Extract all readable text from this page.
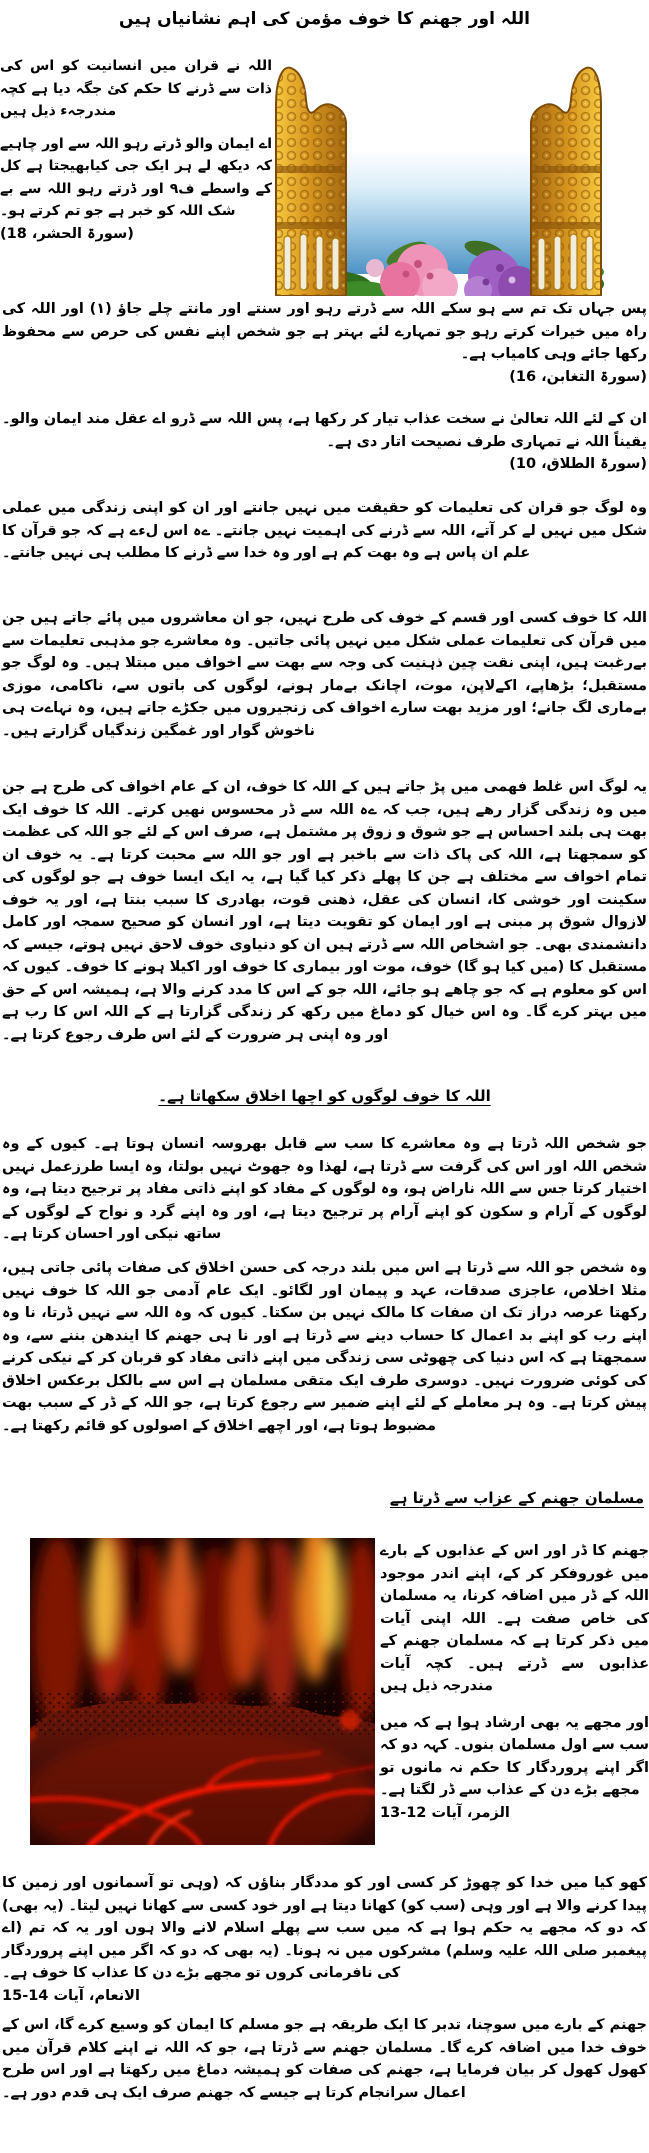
اللہ اور جھنم کا خوف مؤمن کی اہم نشانیاں ہیں

اللہ نے قران میں انسانیت کو اس کی ذات سے ڈرنے کا حکم کئ جگہ دیا ہے کچہ مندرجہء ذیل ہیں

اے ایمان والو ڈرتے رہو اللہ سے اور چاہیے کہ دیکھ لے ہر ایک جی کیابھیجتا ہے کل کے واسطے ف۹ اور ڈرتے رہو اللہ سے بے شک اللہ کو خبر ہے جو تم کرتے ہو۔

(سورۃ الحشر، 18)

پس جہاں تک تم سے ہو سکے اللہ سے ڈرتے رہو اور سنتے اور مانتے چلے جاؤ (۱) اور اللہ کی راہ میں خیرات کرتے رہو جو تمہارے لئے بہتر ہے جو شخص اپنے نفس کی حرص سے محفوظ رکھا جائے وہی کامیاب ہے۔

(سورۃ التغابن، 16)

ان کے لئے اللہ تعالیٰ نے سخت عذاب تیار کر رکھا ہے، پس اللہ سے ڈرو اے عقل مند ایمان والو۔ یقیناً اللہ نے تمہاری طرف نصیحت اتار دی ہے۔

(سورۃ الطلاق، 10)

وہ لوگ جو قران کی تعلیمات کو حقیقت میں نہیں جانتے اور ان کو اپنی زندگی میں عملی شکل میں نہیں لے کر آتے، اللہ سے ڈرنے کی اہمیت نہیں جانتے۔ ےہ اس لءے ہے کہ جو قرآن کا علم ان پاس ہے وہ بھت کم ہے اور وہ خدا سے ڈرنے کا مطلب ہی نہیں جانتے۔

اللہ کا خوف کسی اور قسم کے خوف کی طرح نہیں، جو ان معاشروں میں پائے جاتے ہیں جن میں قرآن کی تعلیمات عملی شکل میں نہیں پائی جاتیں۔ وہ معاشرے جو مذہبی تعلیمات سے بےرغبت ہیں، اپنی نقت چین ذہنیت کی وجہ سے بھت سے اخواف میں مبتلا ہیں۔ وہ لوگ جو مستقبل؛ بڑھاپے، اکےلاپن، موت، اچانک بےمار ہونے، لوگوں کی باتوں سے، ناکامی، موزی بےماری لگ جانے؛ اور مزید بھت سارے اخواف کی زنجیروں میں جکڑے جاتے ہیں، وہ نہاےت ہی ناخوش گوار اور غمگین زندگیاں گزارتے ہیں۔

یہ لوگ اس غلط فھمی میں پڑ جاتے ہیں کے اللہ کا خوف، ان کے عام اخواف کی طرح ہے جن میں وہ زندگی گزار رھے ہیں، جب کہ ےہ اللہ سے ڈر محسوس نھیں کرتے۔ اللہ کا خوف ایک بھت ہی بلند احساس ہے جو شوق و زوق پر مشتمل ہے، صرف اس کے لئے جو اللہ کی عظمت کو سمجھتا ہے، اللہ کی پاک ذات سے باخبر ہے اور جو اللہ سے محبت کرتا ہے۔ یہ خوف ان تمام اخواف سے مختلف ہے جن کا پھلے ذکر کیا گیا ہے، یہ ایک ایسا خوف ہے جو لوگوں کی سکینت اور خوشی کا، انسان کی عقل، ذھنی قوت، بھادری کا سبب بنتا ہے، اور یہ خوف لازوال شوق پر مبنی ہے اور ایمان کو تقویت دیتا ہے، اور انسان کو صحیح سمجہ اور کامل دانشمندی بھی۔ جو اشخاص اللہ سے ڈرتے ہیں ان کو دنیاوی خوف لاحق نہیں ہوتے، جیسے کہ مستقبل کا (میں کیا ہو گا) خوف، موت اور بیماری کا خوف اور اکیلا ہونے کا خوف۔ کیوں کہ اس کو معلوم ہے کہ جو چاھے ہو جائے، اللہ جو کے اس کا مدد کرنے والا ہے، ہمیشہ اس کے حق میں بہتر کرے گا۔ وہ اس خیال کو دماغ میں رکھ کر زندگی گزارتا ہے کے اللہ اس کا رب ہے اور وہ اپنی ہر ضرورت کے لئے اس طرف رجوع کرتا ہے۔

اللہ کا خوف لوگوں کو اچھا اخلاق سکھاتا ہے۔

جو شخص اللہ ڈرتا ہے وہ معاشرے کا سب سے قابل بھروسہ انسان ہوتا ہے۔ کیوں کے وہ شخص اللہ اور اس کی گرفت سے ڈرتا ہے، لھذا وہ جھوٹ نہیں بولتا، وہ ایسا طرزعمل نہیں اختیار کرتا جس سے اللہ ناراض ہو، وہ لوگوں کے مفاد کو اپنے ذاتی مفاد پر ترجیح دیتا ہے، وہ لوگوں کے آرام و سکون کو اپنے آرام پر ترجیح دیتا ہے، اور وہ اپنے گرد و نواح کے لوگوں کے ساتھ نیکی اور احسان کرتا ہے۔

وہ شخص جو اللہ سے ڈرتا ہے اس میں بلند درجہ کی حسن اخلاق کی صفات پائی جاتی ہیں، مثلا اخلاص، عاجزی صدقات، عہد و پیمان اور لگائو۔ ایک عام آدمی جو اللہ کا خوف نہیں رکھتا عرصہ دراز تک ان صفات کا مالک نہیں بن سکتا۔ کیوں کہ وہ اللہ سے نہیں ڈرتا، نا وہ اپنے رب کو اپنے بد اعمال کا حساب دینے سے ڈرتا ہے اور نا ہی جھنم کا ایندھن بننے سے، وہ سمجھتا ہے کہ اس دنیا کی چھوٹی سی زندگی میں اپنے ذاتی مفاد کو قربان کر کے نیکی کرنے کی کوئی ضرورت نہیں۔ دوسری طرف ایک متقی مسلمان ہے اس سے بالکل برعکس اخلاق پیش کرتا ہے۔ وہ ہر معاملے کے لئے اپنے ضمیر سے رجوع کرتا ہے، جو اللہ کے ڈر کے سبب بھت مضبوط ہوتا ہے، اور اچھے اخلاق کے اصولوں کو قائم رکھتا ہے۔

مسلمان جھنم کے عزاب سے ڈرتا ہے

جھنم کا ڈر اور اس کے عذابوں کے بارے میں غوروفکر کر کے، اپنے اندر موجود اللہ کے ڈر میں اضافہ کرنا، یہ مسلمان کی خاص صفت ہے۔ اللہ اپنی آیات میں ذکر کرتا ہے کہ مسلمان جھنم کے عذابوں سے ڈرتے ہیں۔ کچہ آیات مندرجہ ذیل ہیں

اور مجھے یہ بھی ارشاد ہوا ہے کہ میں سب سے اول مسلمان بنوں۔ کہہ دو کہ اگر اپنے پروردگار کا حکم نہ مانوں تو مجھے بڑے دن کے عذاب سے ڈر لگتا ہے۔

الزمر، آیات 12-13

کھو کیا میں خدا کو چھوڑ کر کسی اور کو مددگار بناؤں کہ (وہی تو آسمانوں اور زمین کا پیدا کرنے والا ہے اور وہی (سب کو) کھانا دیتا ہے اور خود کسی سے کھانا نہیں لیتا۔ (یہ بھی) کہ دو کہ مجھے یہ حکم ہوا ہے کہ میں سب سے پھلے اسلام لانے والا ہوں اور یہ کہ تم (اے پیغمبر صلی اللہ علیہ وسلم) مشرکوں میں نہ ہونا۔ (یہ بھی کہ دو کہ اگر میں اپنے پروردگار کی نافرمانی کروں تو مجھے بڑے دن کا عذاب کا خوف ہے۔

الانعام، آیات 14-15

جھنم کے بارے میں سوچنا، تدبر کا ایک طریقہ ہے جو مسلم کا ایمان کو وسیع کرے گا، اس کے خوف خدا میں اضافہ کرے گا۔ مسلمان جھنم سے ڈرتا ہے، جو کہ اللہ نے اپنے کلام قرآن میں کھول کھول کر بیان فرمایا ہے، جھنم کی صفات کو ہمیشہ دماغ میں رکھتا ہے اور اس طرح اعمال سرانجام کرتا ہے جیسے کہ جھنم صرف ایک ہی قدم دور ہے۔
